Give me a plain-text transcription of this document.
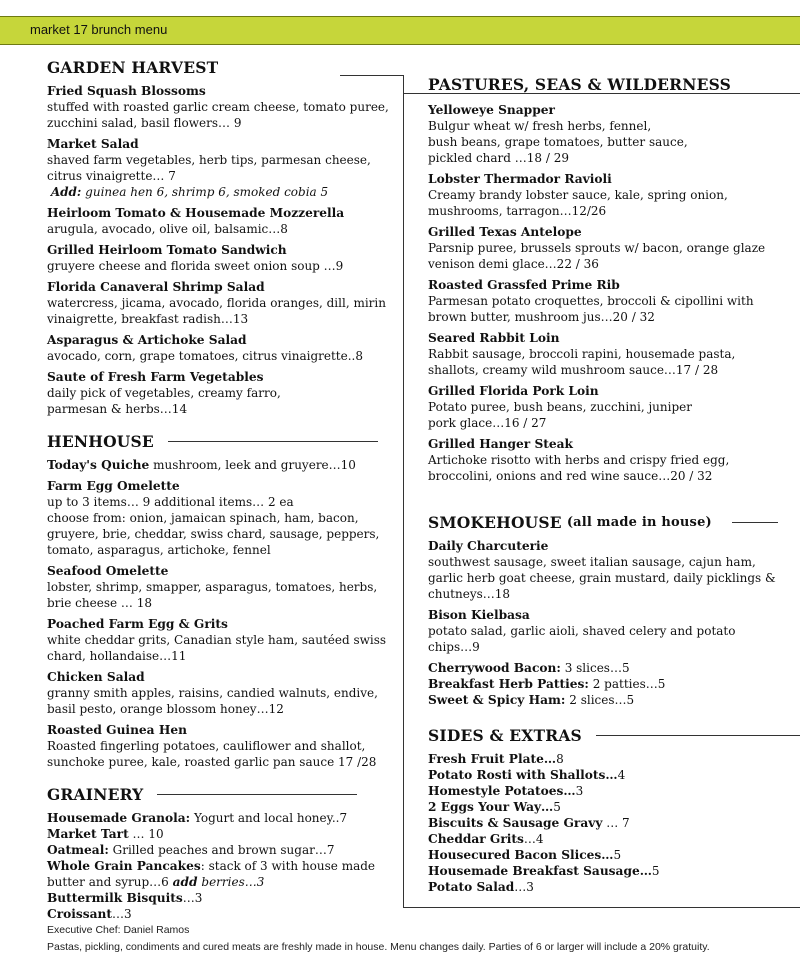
market 17 brunch menu
GARDEN HARVEST
Fried Squash Blossoms
stuffed with roasted garlic cream cheese, tomato puree, zucchini salad, basil flowers… 9
Market Salad
shaved farm vegetables, herb tips, parmesan cheese, citrus vinaigrette… 7
Add: guinea hen 6, shrimp 6, smoked cobia 5
Heirloom Tomato & Housemade Mozzerella
arugula, avocado, olive oil, balsamic…8
Grilled Heirloom Tomato Sandwich
gruyere cheese and florida sweet onion soup …9
Florida Canaveral Shrimp Salad
watercress, jicama, avocado, florida oranges, dill, mirin vinaigrette, breakfast radish…13
Asparagus & Artichoke Salad
avocado, corn, grape tomatoes, citrus vinaigrette..8
Saute of Fresh Farm Vegetables
daily pick of vegetables, creamy farro,
parmesan & herbs…14
HENHOUSE
Today's Quiche mushroom, leek and gruyere…10
Farm Egg Omelette
up to 3 items… 9 additional items… 2 ea
choose from: onion, jamaican spinach, ham, bacon, gruyere, brie, cheddar, swiss chard, sausage, peppers, tomato, asparagus, artichoke, fennel
Seafood Omelette
lobster, shrimp, smapper, asparagus, tomatoes, herbs, brie cheese … 18
Poached Farm Egg & Grits
white cheddar grits, Canadian style ham, sautéed swiss chard, hollandaise…11
Chicken Salad
granny smith apples, raisins, candied walnuts, endive, basil pesto, orange blossom honey…12
Roasted Guinea Hen
Roasted fingerling potatoes, cauliflower and shallot, sunchoke puree, kale, roasted garlic pan sauce 17 /28
GRAINERY
Housemade Granola: Yogurt and local honey..7
Market Tart … 10
Oatmeal: Grilled peaches and brown sugar…7
Whole Grain Pancakes: stack of 3 with house made butter and syrup…6 add berries…3
Buttermilk Bisquits…3
Croissant…3
PASTURES, SEAS & WILDERNESS
Yelloweye Snapper
Bulgur wheat w/ fresh herbs, fennel,
bush beans, grape tomatoes, butter sauce,
pickled chard …18 / 29
Lobster Thermador Ravioli
Creamy brandy lobster sauce, kale, spring onion,
mushrooms, tarragon…12/26
Grilled Texas Antelope
Parsnip puree, brussels sprouts w/ bacon, orange glaze
venison demi glace…22 / 36
Roasted Grassfed Prime Rib
Parmesan potato croquettes, broccoli & cipollini with
brown butter, mushroom jus…20 / 32
Seared Rabbit Loin
Rabbit sausage, broccoli rapini, housemade pasta,
shallots, creamy wild mushroom sauce…17 / 28
Grilled Florida Pork Loin
Potato puree, bush beans, zucchini, juniper
pork glace…16 / 27
Grilled Hanger Steak
Artichoke risotto with herbs and crispy fried egg,
broccolini, onions and red wine sauce…20 / 32
SMOKEHOUSE (all made in house)
Daily Charcuterie
southwest sausage, sweet italian sausage, cajun ham, garlic herb goat cheese, grain mustard, daily picklings & chutneys…18
Bison Kielbasa
potato salad, garlic aioli, shaved celery and potato chips…9
Cherrywood Bacon: 3 slices…5
Breakfast Herb Patties: 2 patties…5
Sweet & Spicy Ham: 2 slices…5
SIDES & EXTRAS
Fresh Fruit Plate…8
Potato Rosti with Shallots…4
Homestyle Potatoes…3
2 Eggs Your Way…5
Biscuits & Sausage Gravy … 7
Cheddar Grits…4
Housecured Bacon Slices…5
Housemade Breakfast Sausage…5
Potato Salad…3
Executive Chef: Daniel Ramos
Pastas, pickling, condiments and cured meats are freshly made in house. Menu changes daily. Parties of 6 or larger will include a 20% gratuity.
